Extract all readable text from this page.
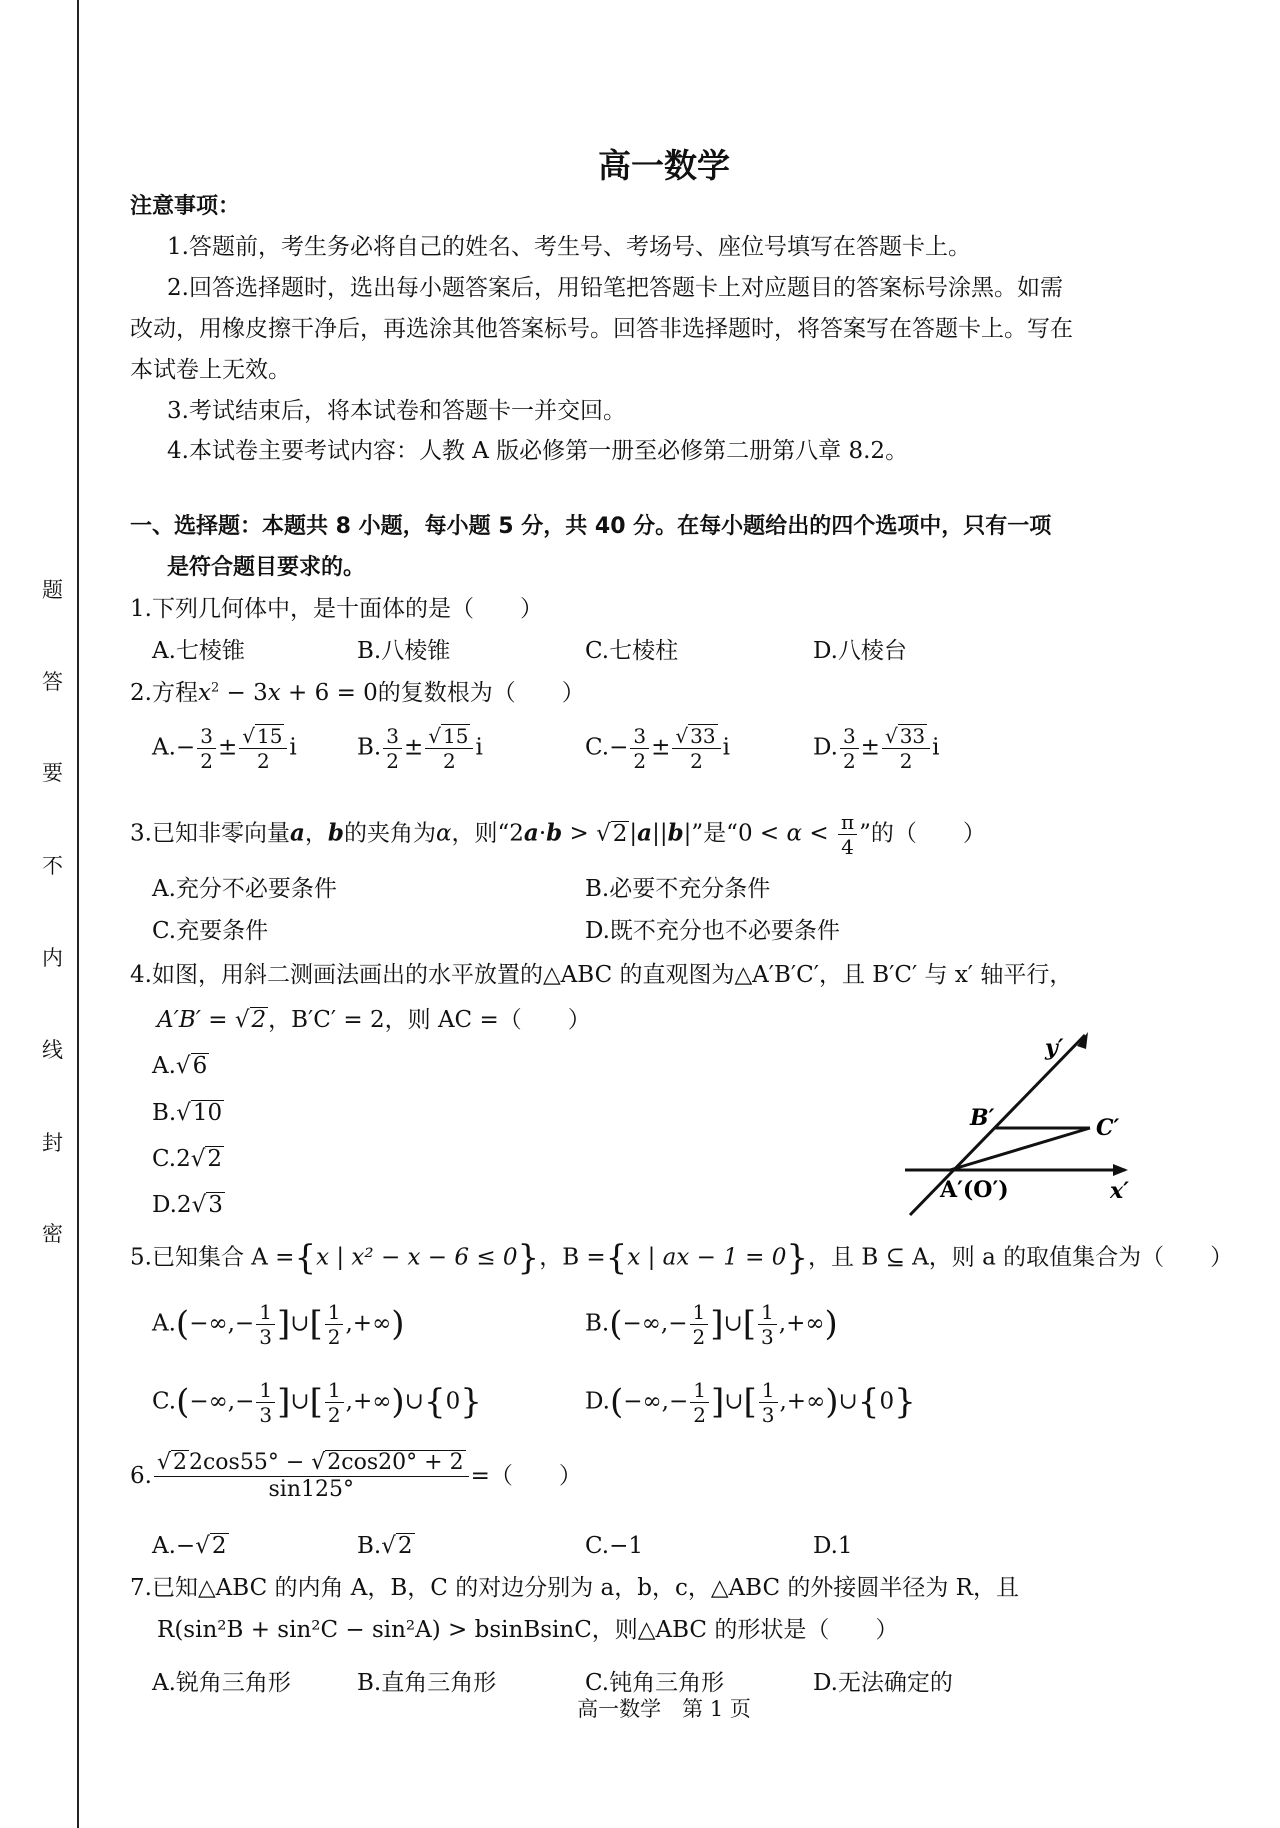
题
答
要
不
内
线
封
密
高一数学
注意事项：
1.答题前，考生务必将自己的姓名、考生号、考场号、座位号填写在答题卡上。
2.回答选择题时，选出每小题答案后，用铅笔把答题卡上对应题目的答案标号涂黑。如需
改动，用橡皮擦干净后，再选涂其他答案标号。回答非选择题时，将答案写在答题卡上。写在
本试卷上无效。
3.考试结束后，将本试卷和答题卡一并交回。
4.本试卷主要考试内容：人教 A 版必修第一册至必修第二册第八章 8.2。
一、选择题：本题共 8 小题，每小题 5 分，共 40 分。在每小题给出的四个选项中，只有一项
是符合题目要求的。
1.下列几何体中，是十面体的是（　　）
A.七棱锥	B.八棱锥	C.七棱柱	D.八棱台
2.方程$x^2 - 3x + 6 = 0$的复数根为（　　）
$A.- \frac{3}{2} \pm \frac{√ 15}{2}$ i	B. $\frac{3}{2} \pm \frac{√ 15}{2}$ i	$C.- \frac{3}{2} \pm \frac{√ 33}{2}$ i	D. $\frac{3}{2} \pm \frac{√ 33}{2}$ i
3.已知非零向量a，b的夹角为α，则“2a·b > √2|a||b|”是“$0 < \alpha < \frac{\pi}{4}$ ”的（　　）
A.充分不必要条件	B.必要不充分条件
C.充要条件	D.既不充分也不必要条件
4.如图，用斜二测画法画出的水平放置的△ABC 的直观图为△A′B′C′，且 B′C′ 与 x′ 轴平行，
A′B′ = √2，B′C′ = 2，则 AC =（　　）
A.√6
B.√10
C.2√2
D.2√3
y′
B′	C′
A′(O′)	x′
5.已知集合 A ={x | x² − x − 6 ≤ 0}，B ={x | ax − 1 = 0}，且 B ⊆ A，则 a 的取值集合为（　　）
$A.(-\infty,- \frac{1}{3}$ ]∪[ $\frac{1}{2}$ ,+∞)	$B.(-\infty,- \frac{1}{2}$ ]∪[ $\frac{1}{3}$ ,+∞)
$C.(-\infty,- \frac{1}{3}$ ]∪[ $\frac{1}{2}$ ,+∞)∪{0}	$D.(-\infty,- \frac{1}{2}$ ]∪[ $\frac{1}{3}$ ,+∞)∪{0}
6. $\frac{√22\cos 55^\circ - √2\cos 20^\circ + 2}{\sin 125^\circ}$ =（　　）
A.−√2	B.√2	C.−1	D.1
7.已知△ABC 的内角 A，B，C 的对边分别为 a，b，c，△ABC 的外接圆半径为 R，且
R(sin²B + sin²C − sin²A) > bsinBsinC，则△ABC 的形状是（　　）
A.锐角三角形	B.直角三角形	C.钝角三角形	D.无法确定的
高一数学　第 1 页
